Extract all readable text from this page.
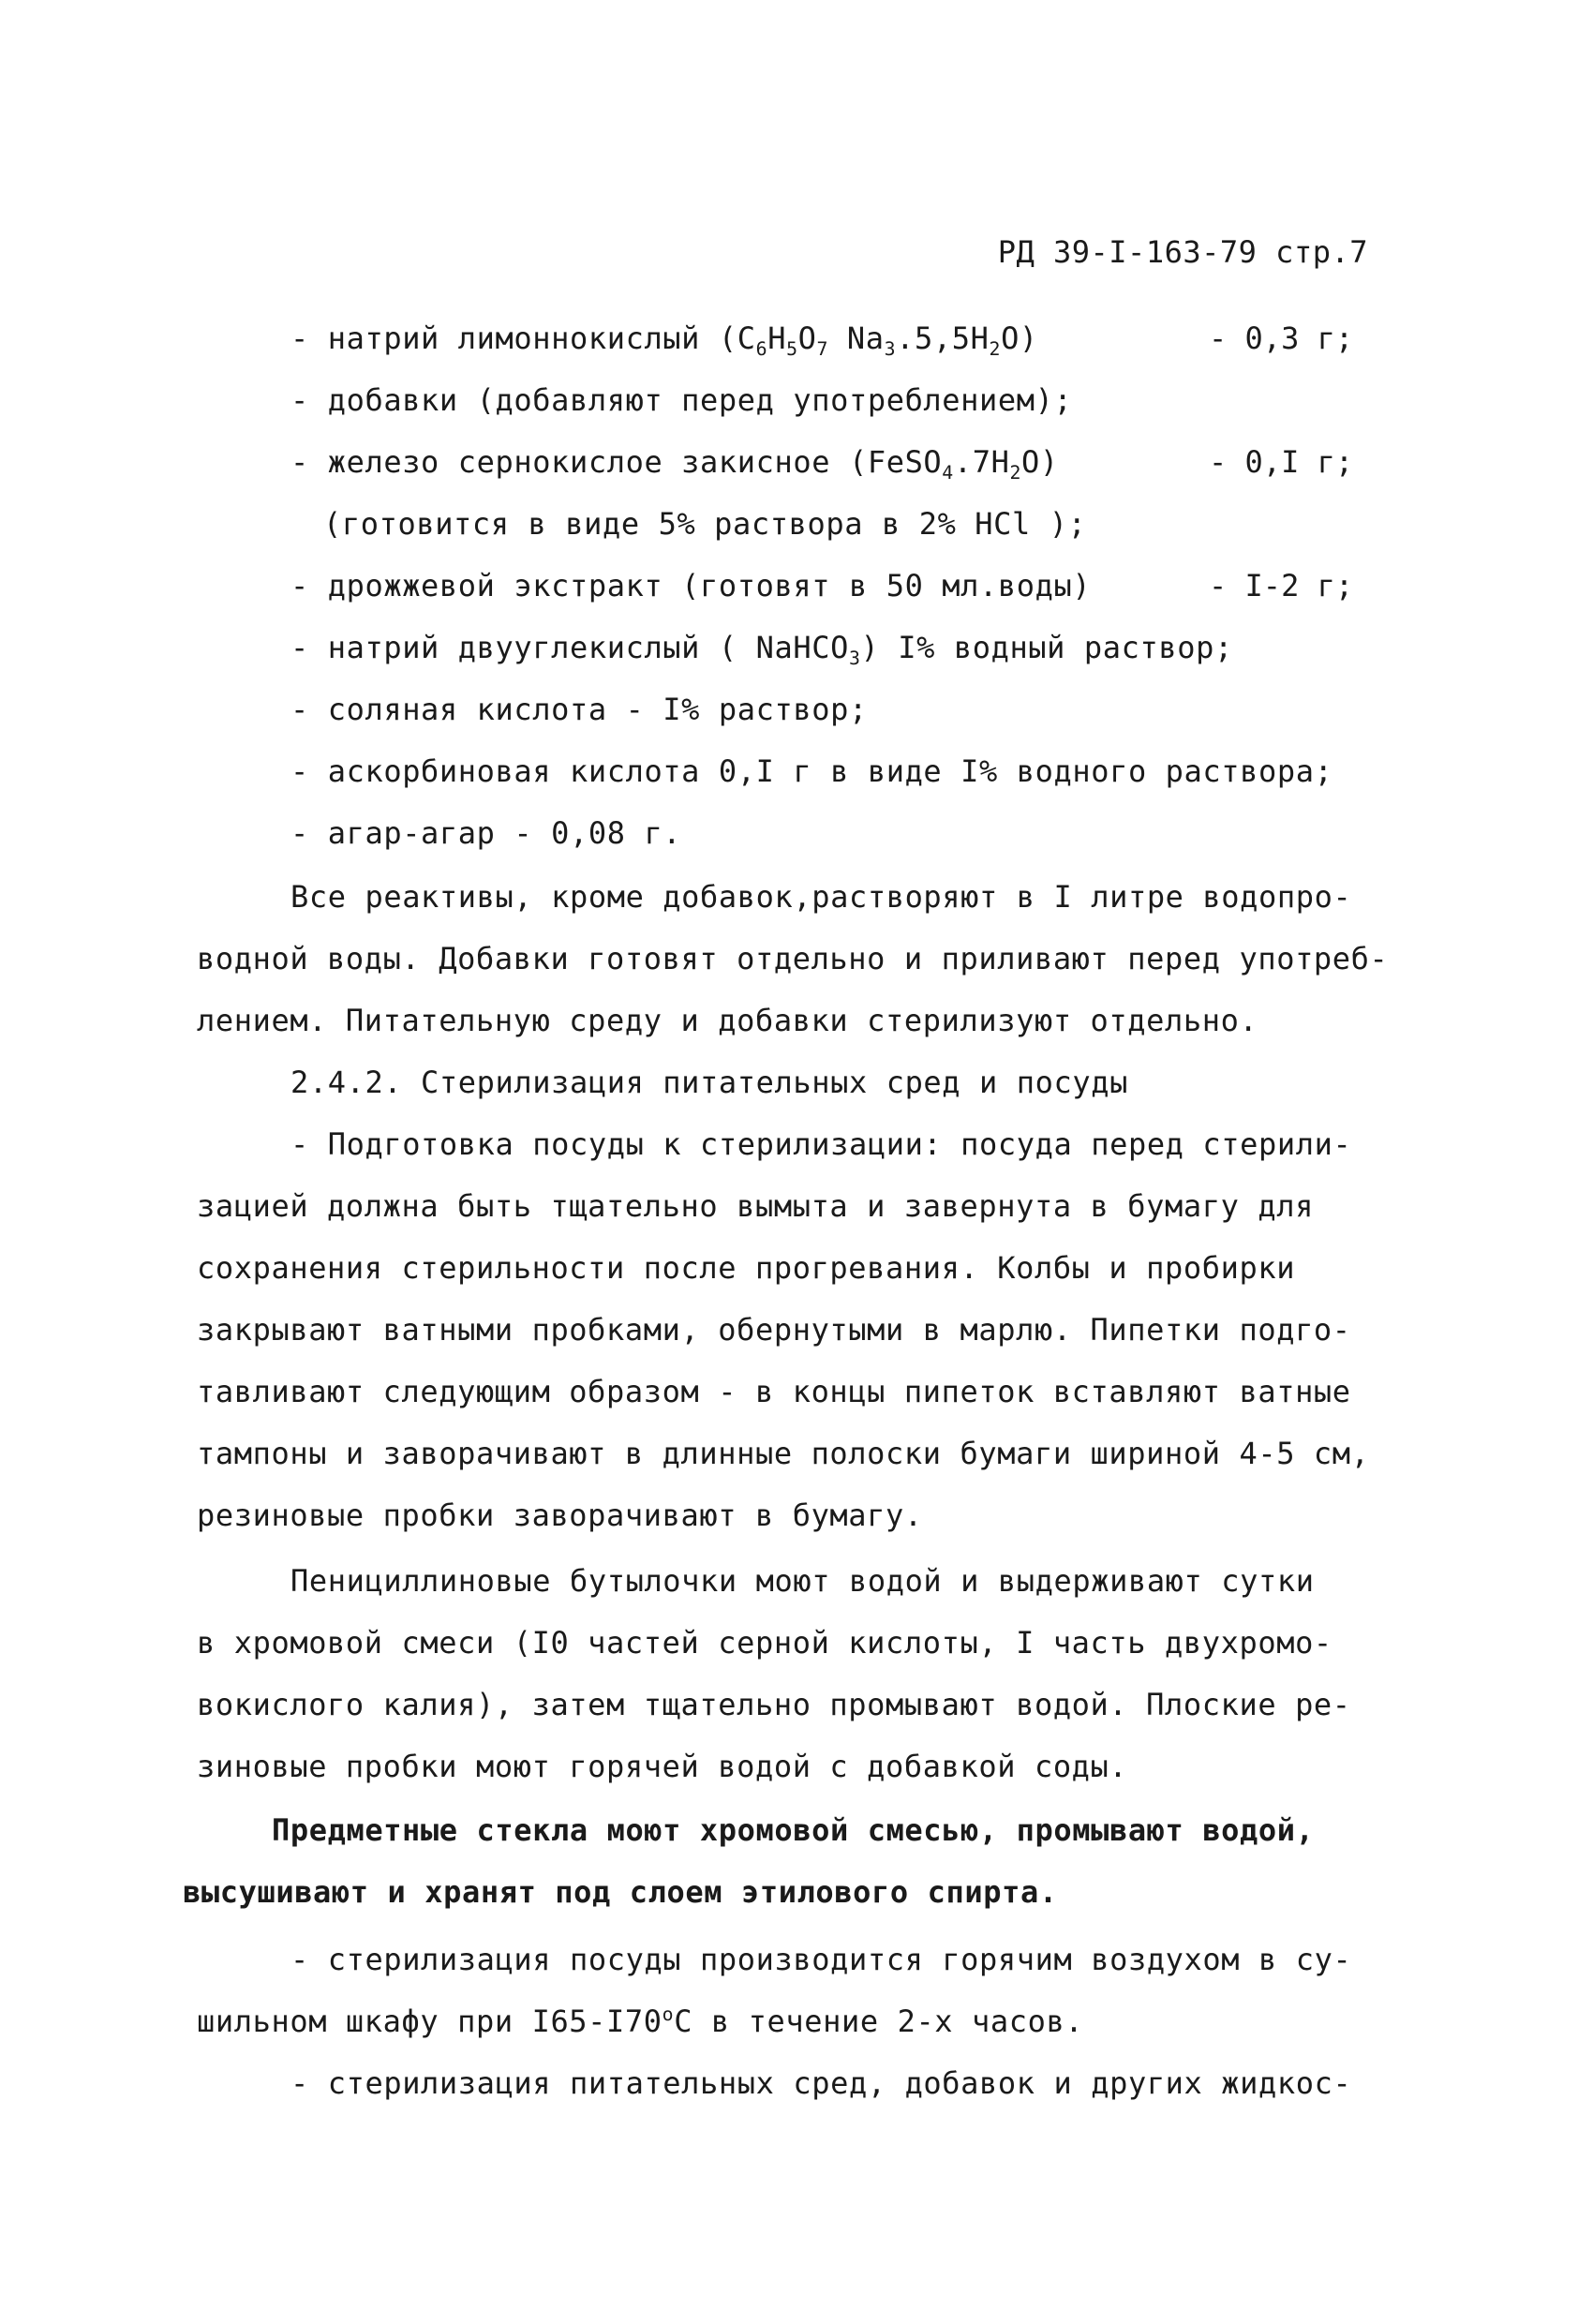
РД 39-I-163-79 стр.7
- натрий лимоннокислый ($C_6H_5O_7$ $Na_3.5,5H_2O$)	- 0,3 г;
- добавки (добавляют перед употреблением);
- железо сернокислое закисное $(FeSO_4.7H_2O)$	- 0,I г;
(готовится в виде 5% раствора в 2% HCl );
- дрожжевой экстракт (готовят в 50 мл.воды)	- I-2 г;
- натрий двууглекислый ( NaHCO$_3$) I% водный раствор;
- соляная кислота - I% раствор;
- аскорбиновая кислота 0,I г в виде I% водного раствора;
- агар-агар - 0,08 г.
Все реактивы, кроме добавок,растворяют в I литре водопро-
водной воды. Добавки готовят отдельно и приливают перед употреб-
лением. Питательную среду и добавки стерилизуют отдельно.
2.4.2. Стерилизация питательных сред и посуды
- Подготовка посуды к стерилизации: посуда перед стерили-
зацией должна быть тщательно вымыта и завернута в бумагу для
сохранения стерильности после прогревания. Колбы и пробирки
закрывают ватными пробками, обернутыми в марлю. Пипетки подго-
тавливают следующим образом - в концы пипеток вставляют ватные
тампоны и заворачивают в длинные полоски бумаги шириной 4-5 см,
резиновые пробки заворачивают в бумагу.
Пенициллиновые бутылочки моют водой и выдерживают сутки
в хромовой смеси (I0 частей серной кислоты, I часть двухромо-
вокислого калия), затем тщательно промывают водой. Плоские ре-
зиновые пробки моют горячей водой с добавкой соды.
Предметные стекла моют хромовой смесью, промывают водой,
высушивают и хранят под слоем этилового спирта.
- стерилизация посуды производится горячим воздухом в су-
шильном шкафу при I65-I70$^o$C в течение 2-х часов.
- стерилизация питательных сред, добавок и других жидкос-
